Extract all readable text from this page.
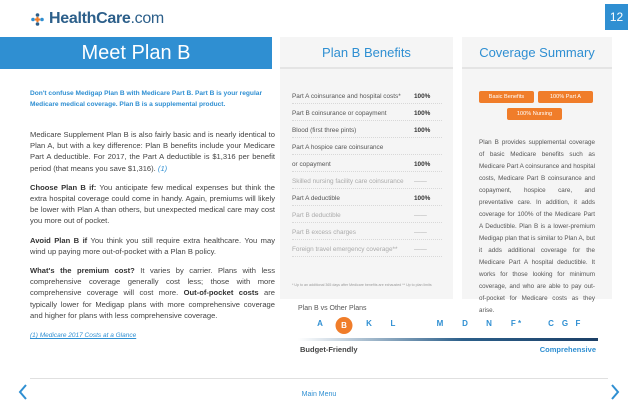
HealthCare.com	12
Meet Plan B
Don't confuse Medigap Plan B with Medicare Part B. Part B is your regular Medicare medical coverage. Plan B is a supplemental product.

Medicare Supplement Plan B is also fairly basic and is nearly identical to Plan A, but with a key difference: Plan B benefits include your Medicare Part A deductible. For 2017, the Part A deductible is $1,316 per benefit period (that means you save $1,316). (1)

Choose Plan B if: You anticipate few medical expenses but think the extra hospital coverage could come in handy. Again, premiums will likely be lower with Plan A than others, but unexpected medical care may cost you more out of pocket.

Avoid Plan B if You think you still require extra healthcare. You may wind up paying more out-of-pocket with a Plan B policy.

What's the premium cost? It varies by carrier. Plans with less comprehensive coverage generally cost less; those with more comprehensive coverage will cost more. Out-of-pocket costs are typically lower for Medigap plans with more comprehensive coverage and higher for plans with less comprehensive coverage.

(1) Medicare 2017 Costs at a Glance
Plan B Benefits
Part A coinsurance and hospital costs*	100%
Part B coinsurance or copayment	100%
Blood (first three pints)	100%
Part A hospice care coinsurance
or copayment	100%
Skilled nursing facility care coinsurance	——
Part A deductible	100%
Part B deductible	——
Part B excess charges	——
Foreign travel emergency coverage**	——
* Up to an additional 365 days after Medicare benefits are exhausted ** Up to plan limits
Coverage Summary
Basic Benefits	100% Part A
100% Nursing
Plan B provides supplemental coverage of basic Medicare benefits such as Medicare Part A coinsurance and hospital costs, Medicare Part B coinsurance and copayment, hospice care, and preventative care. In addition, it adds coverage for 100% of the Medicare Part A Deductible. Plan B is a lower-premium Medigap plan that is similar to Plan A, but it adds additional coverage for the Medicare Part A hospital deductible. It works for those looking for minimum coverage, and who are able to pay out-of-pocket for Medicare costs as they arise.
Plan B vs Other Plans
A	B	K L	M D N F *	C G F
Budget-Friendly	Comprehensive
Main Menu
